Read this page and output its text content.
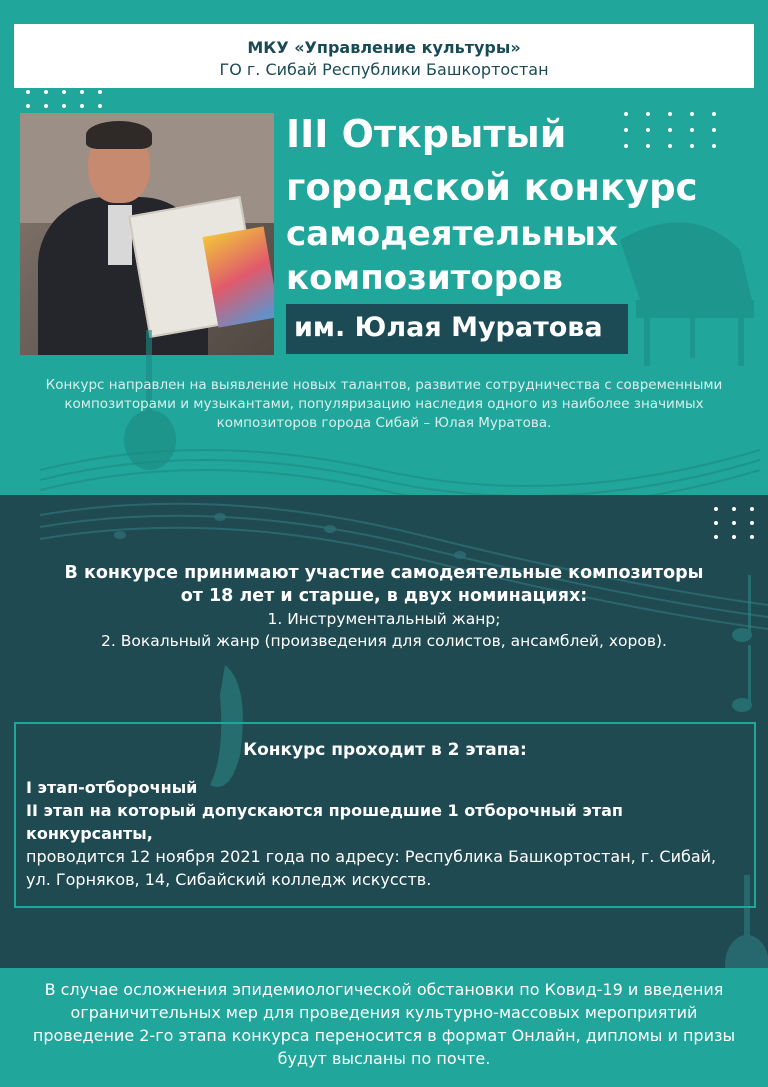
МКУ «Управление культуры»
ГО г. Сибай Республики Башкортостан
III Открытый
городской конкурс
самодеятельных
композиторов
им. Юлая Муратова
Конкурс направлен на выявление новых талантов, развитие сотрудничества с современными композиторами и музыкантами, популяризацию наследия одного из наиболее значимых композиторов города Сибай – Юлая Муратова.
В конкурсе принимают участие самодеятельные композиторы
от 18 лет и старше, в двух номинациях:
1. Инструментальный жанр;
2. Вокальный жанр (произведения для солистов, ансамблей, хоров).
Конкурс проходит в 2 этапа:
I этап-отборочный
II этап на который допускаются прошедшие 1 отборочный этап конкурсанты,
проводится 12 ноября 2021 года по адресу: Республика Башкортостан, г. Сибай, ул. Горняков, 14, Сибайский колледж искусств.
В случае осложнения эпидемиологической обстановки по Ковид-19 и введения ограничительных мер для проведения культурно-массовых мероприятий проведение 2-го этапа конкурса переносится в формат Онлайн, дипломы и призы будут высланы по почте.
